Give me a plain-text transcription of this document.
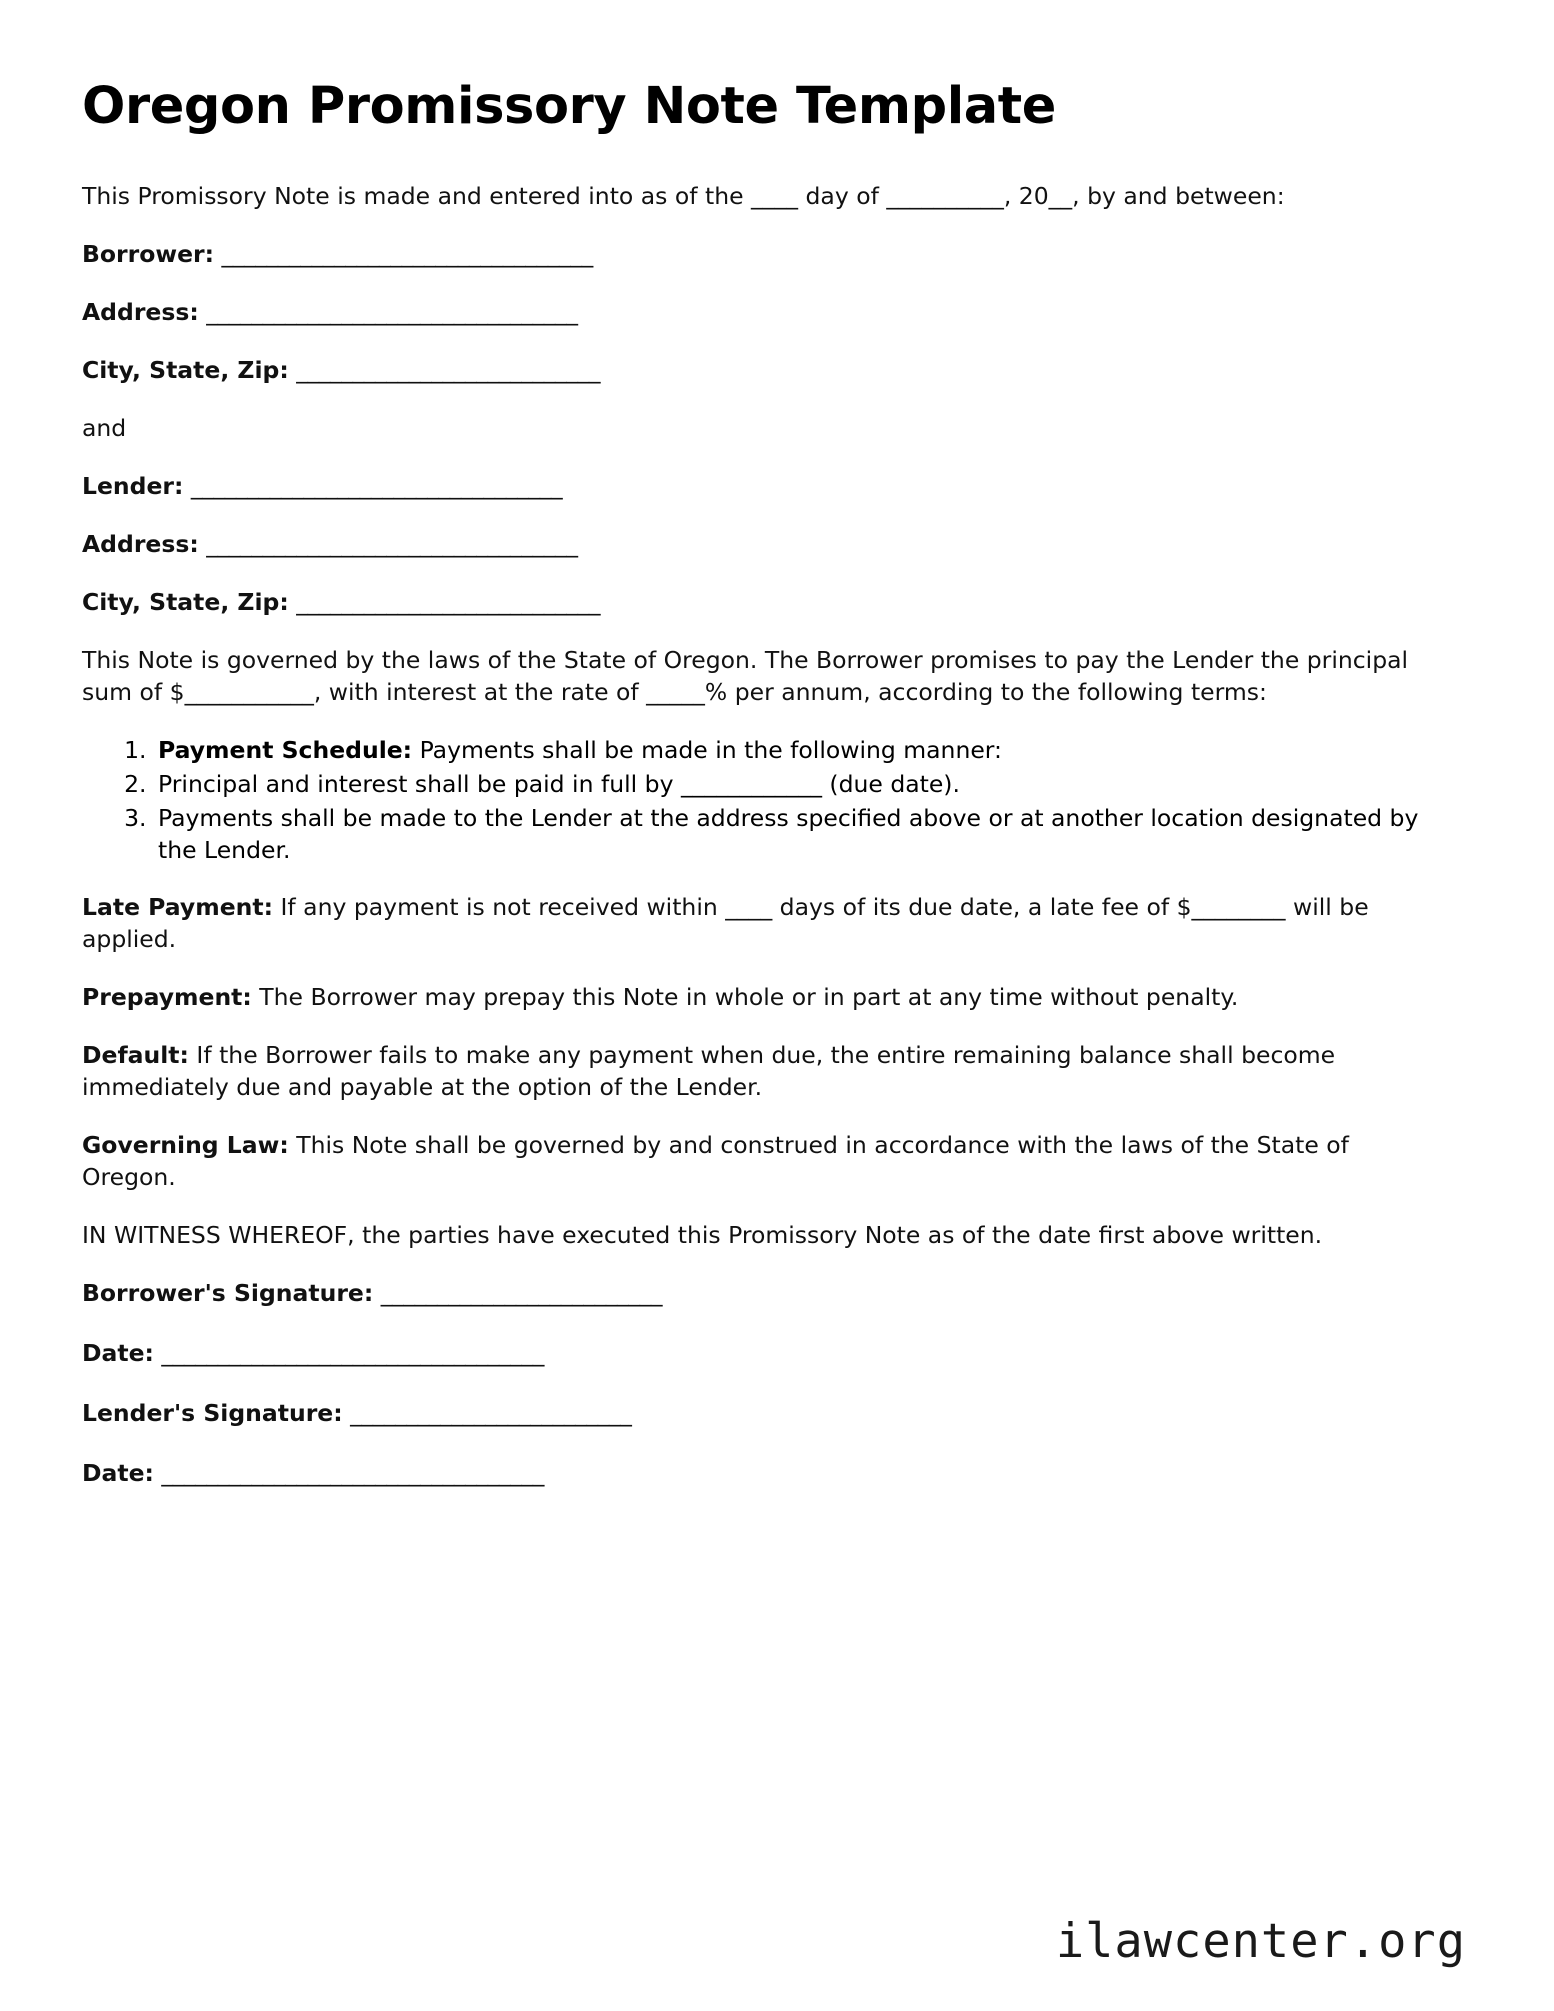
Oregon Promissory Note Template

This Promissory Note is made and entered into as of the ____ day of __________, 20__, by and between:

Borrower: _________________________________
Address: _________________________________
City, State, Zip: ___________________________

and

Lender: _________________________________
Address: _________________________________
City, State, Zip: ___________________________

This Note is governed by the laws of the State of Oregon. The Borrower promises to pay the Lender the principal sum of $___________, with interest at the rate of _____% per annum, according to the following terms:

1. Payment Schedule: Payments shall be made in the following manner:
2. Principal and interest shall be paid in full by ____________ (due date).
3. Payments shall be made to the Lender at the address specified above or at another location designated by the Lender.

Late Payment: If any payment is not received within ____ days of its due date, a late fee of $________ will be applied.

Prepayment: The Borrower may prepay this Note in whole or in part at any time without penalty.

Default: If the Borrower fails to make any payment when due, the entire remaining balance shall become immediately due and payable at the option of the Lender.

Governing Law: This Note shall be governed by and construed in accordance with the laws of the State of Oregon.

IN WITNESS WHEREOF, the parties have executed this Promissory Note as of the date first above written.

Borrower's Signature: _________________________
Date: __________________________________
Lender's Signature: _________________________
Date: __________________________________
ilawcenter.org
